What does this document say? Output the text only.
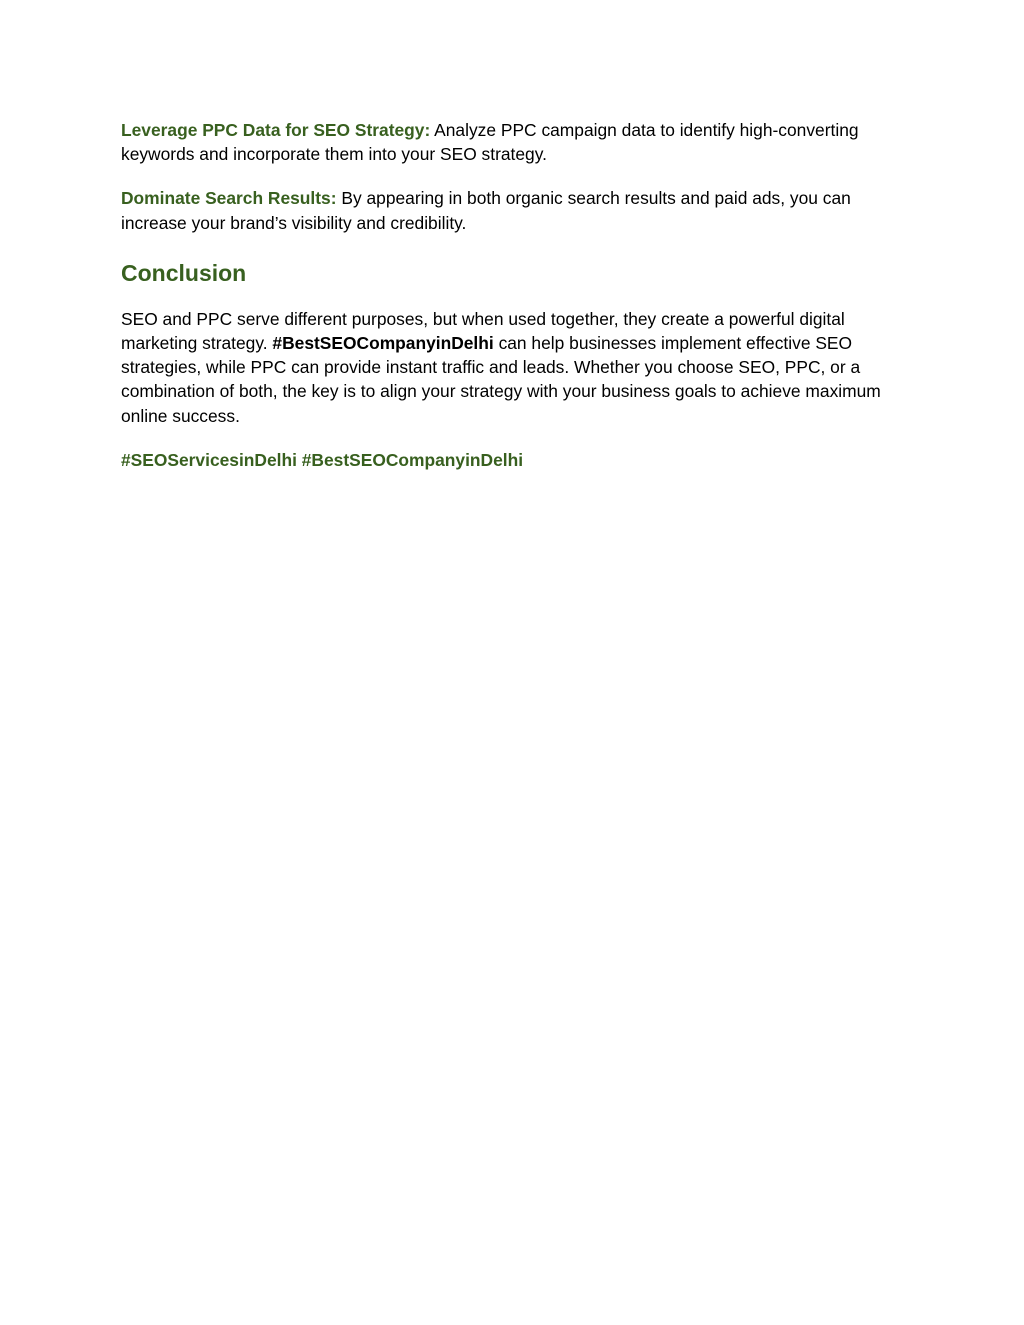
Leverage PPC Data for SEO Strategy: Analyze PPC campaign data to identify high-converting keywords and incorporate them into your SEO strategy.

Dominate Search Results: By appearing in both organic search results and paid ads, you can increase your brand’s visibility and credibility.

Conclusion

SEO and PPC serve different purposes, but when used together, they create a powerful digital marketing strategy. #BestSEOCompanyinDelhi can help businesses implement effective SEO strategies, while PPC can provide instant traffic and leads. Whether you choose SEO, PPC, or a combination of both, the key is to align your strategy with your business goals to achieve maximum online success.

#SEOServicesinDelhi #BestSEOCompanyinDelhi
